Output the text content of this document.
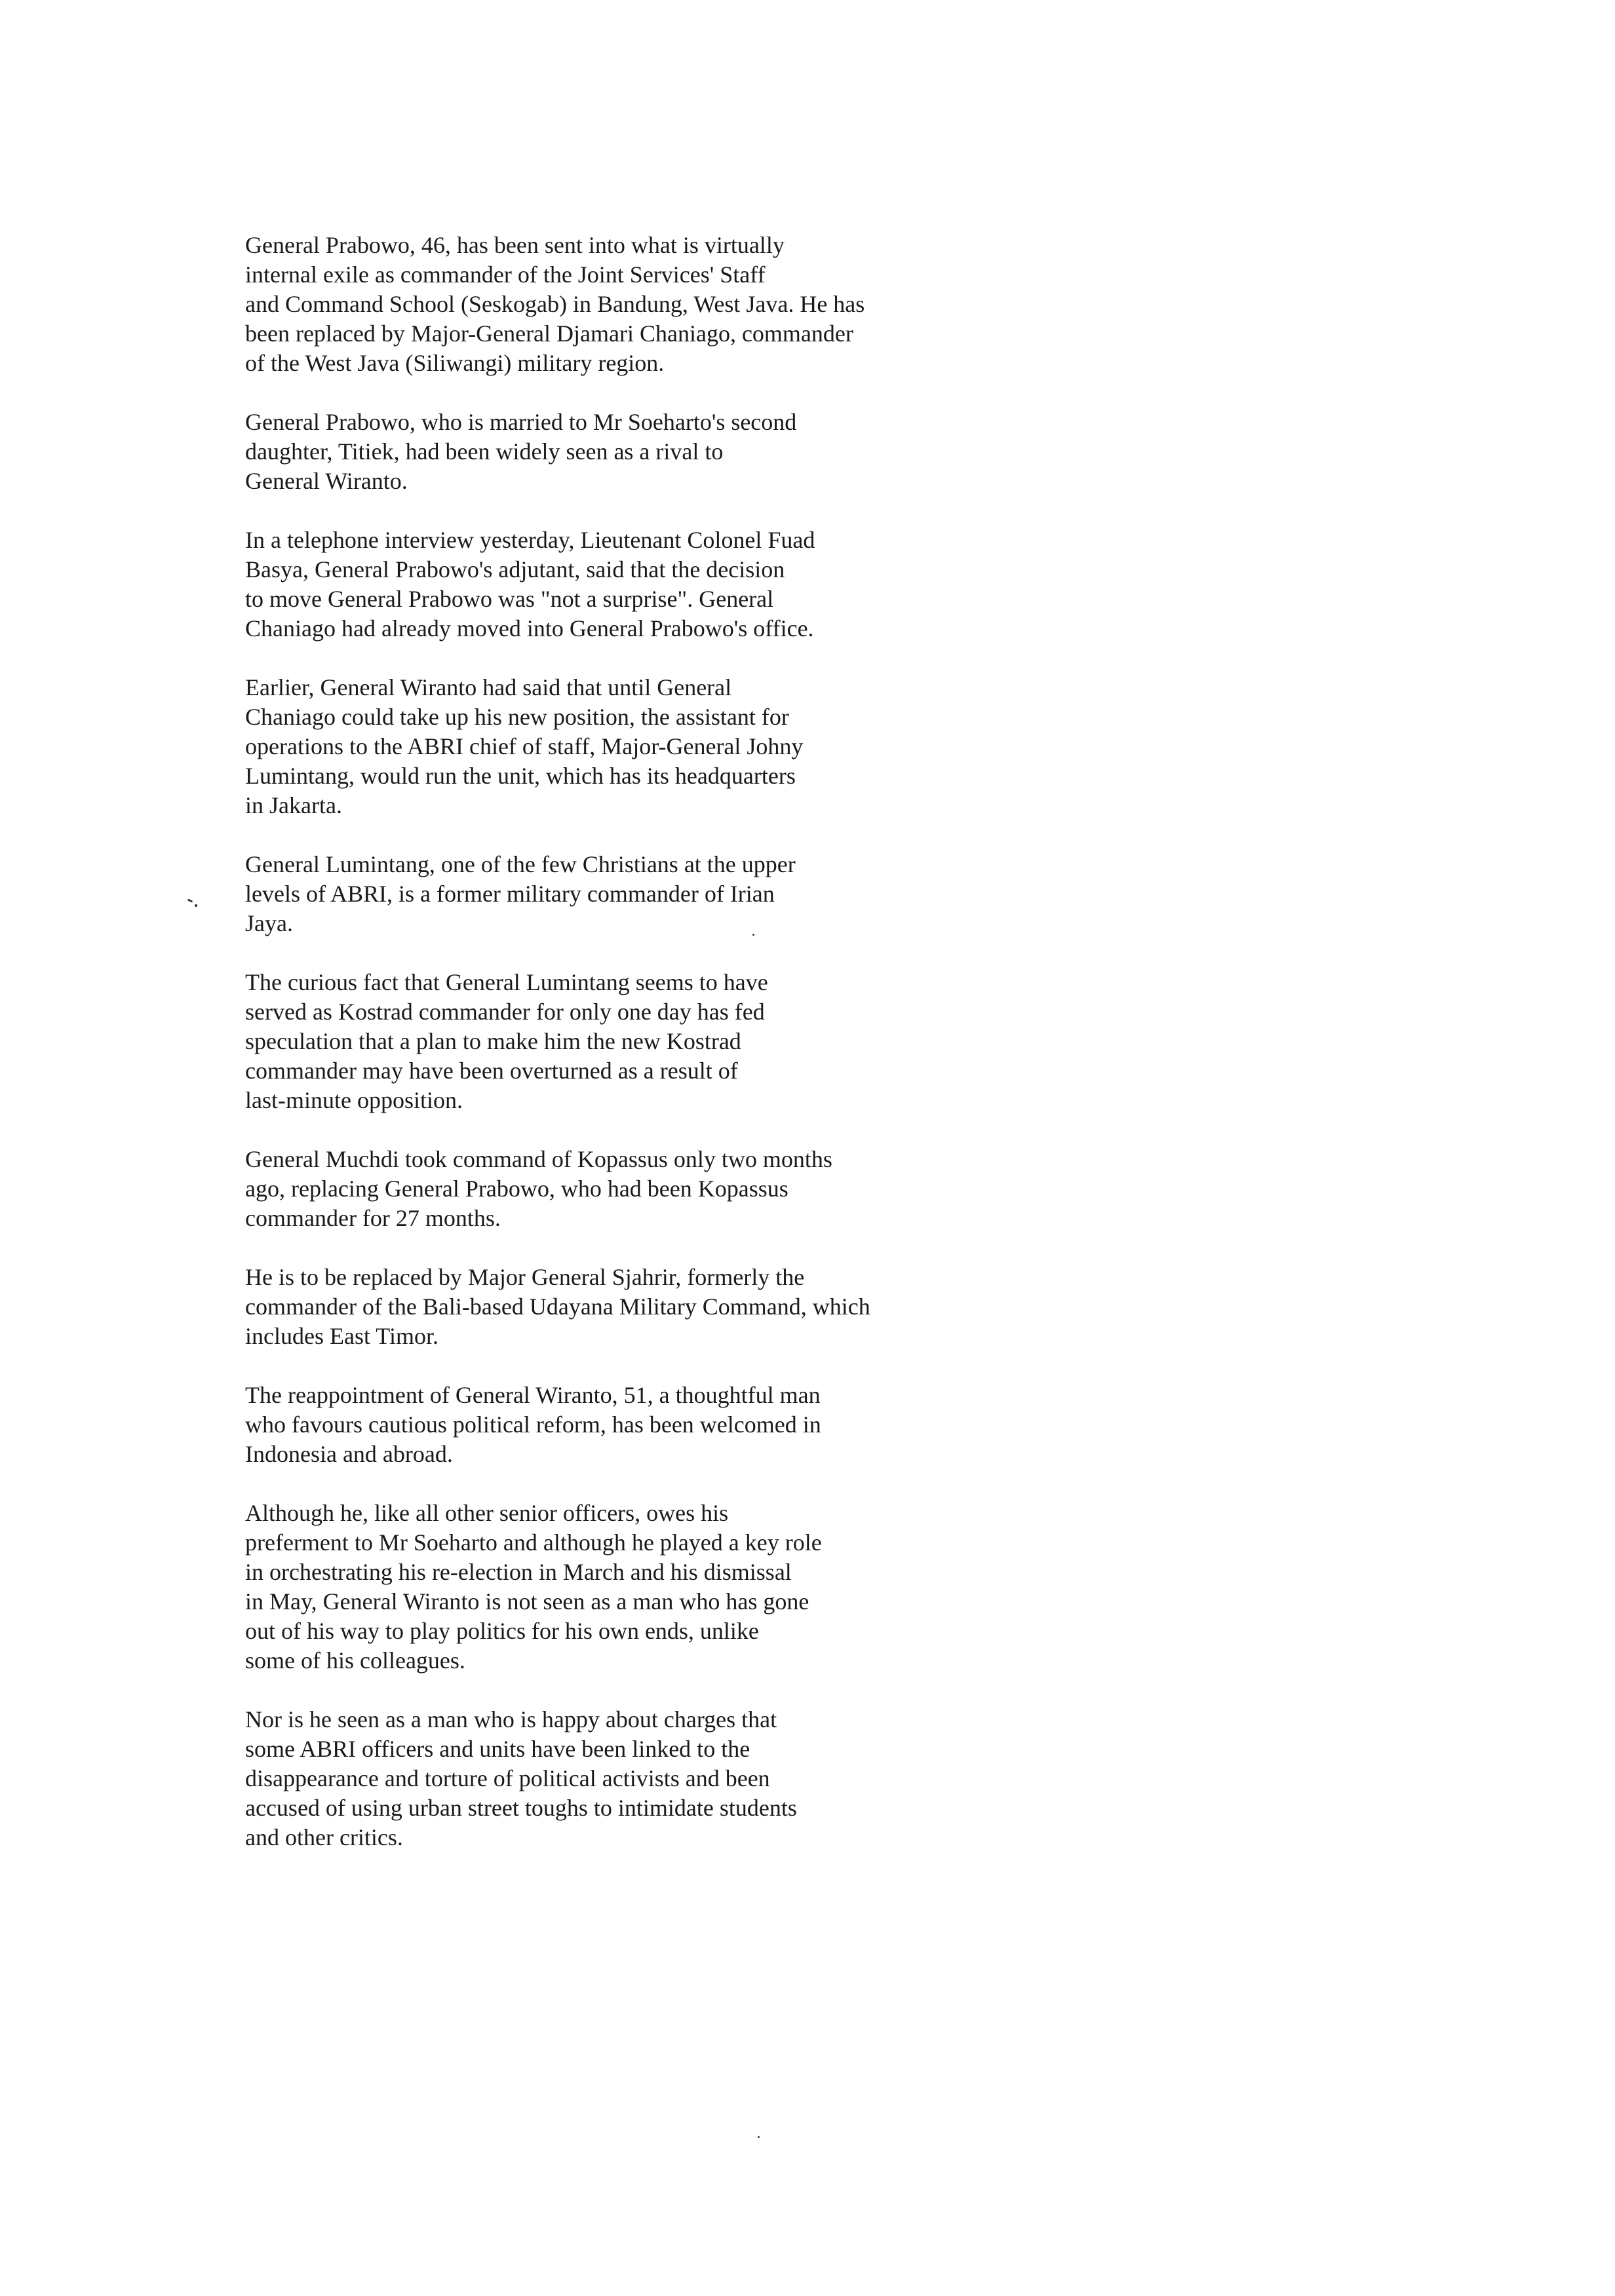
General Prabowo, 46, has been sent into what is virtually
internal exile as commander of the Joint Services' Staff
and Command School (Seskogab) in Bandung, West Java. He has
been replaced by Major-General Djamari Chaniago, commander
of the West Java (Siliwangi) military region.

General Prabowo, who is married to Mr Soeharto's second
daughter, Titiek, had been widely seen as a rival to
General Wiranto.

In a telephone interview yesterday, Lieutenant Colonel Fuad
Basya, General Prabowo's adjutant, said that the decision
to move General Prabowo was "not a surprise". General
Chaniago had already moved into General Prabowo's office.

Earlier, General Wiranto had said that until General
Chaniago could take up his new position, the assistant for
operations to the ABRI chief of staff, Major-General Johny
Lumintang, would run the unit, which has its headquarters
in Jakarta.

General Lumintang, one of the few Christians at the upper
levels of ABRI, is a former military commander of Irian
Jaya.

The curious fact that General Lumintang seems to have
served as Kostrad commander for only one day has fed
speculation that a plan to make him the new Kostrad
commander may have been overturned as a result of
last-minute opposition.

General Muchdi took command of Kopassus only two months
ago, replacing General Prabowo, who had been Kopassus
commander for 27 months.

He is to be replaced by Major General Sjahrir, formerly the
commander of the Bali-based Udayana Military Command, which
includes East Timor.

The reappointment of General Wiranto, 51, a thoughtful man
who favours cautious political reform, has been welcomed in
Indonesia and abroad.

Although he, like all other senior officers, owes his
preferment to Mr Soeharto and although he played a key role
in orchestrating his re-election in March and his dismissal
in May, General Wiranto is not seen as a man who has gone
out of his way to play politics for his own ends, unlike
some of his colleagues.

Nor is he seen as a man who is happy about charges that
some ABRI officers and units have been linked to the
disappearance and torture of political activists and been
accused of using urban street toughs to intimidate students
and other critics.
